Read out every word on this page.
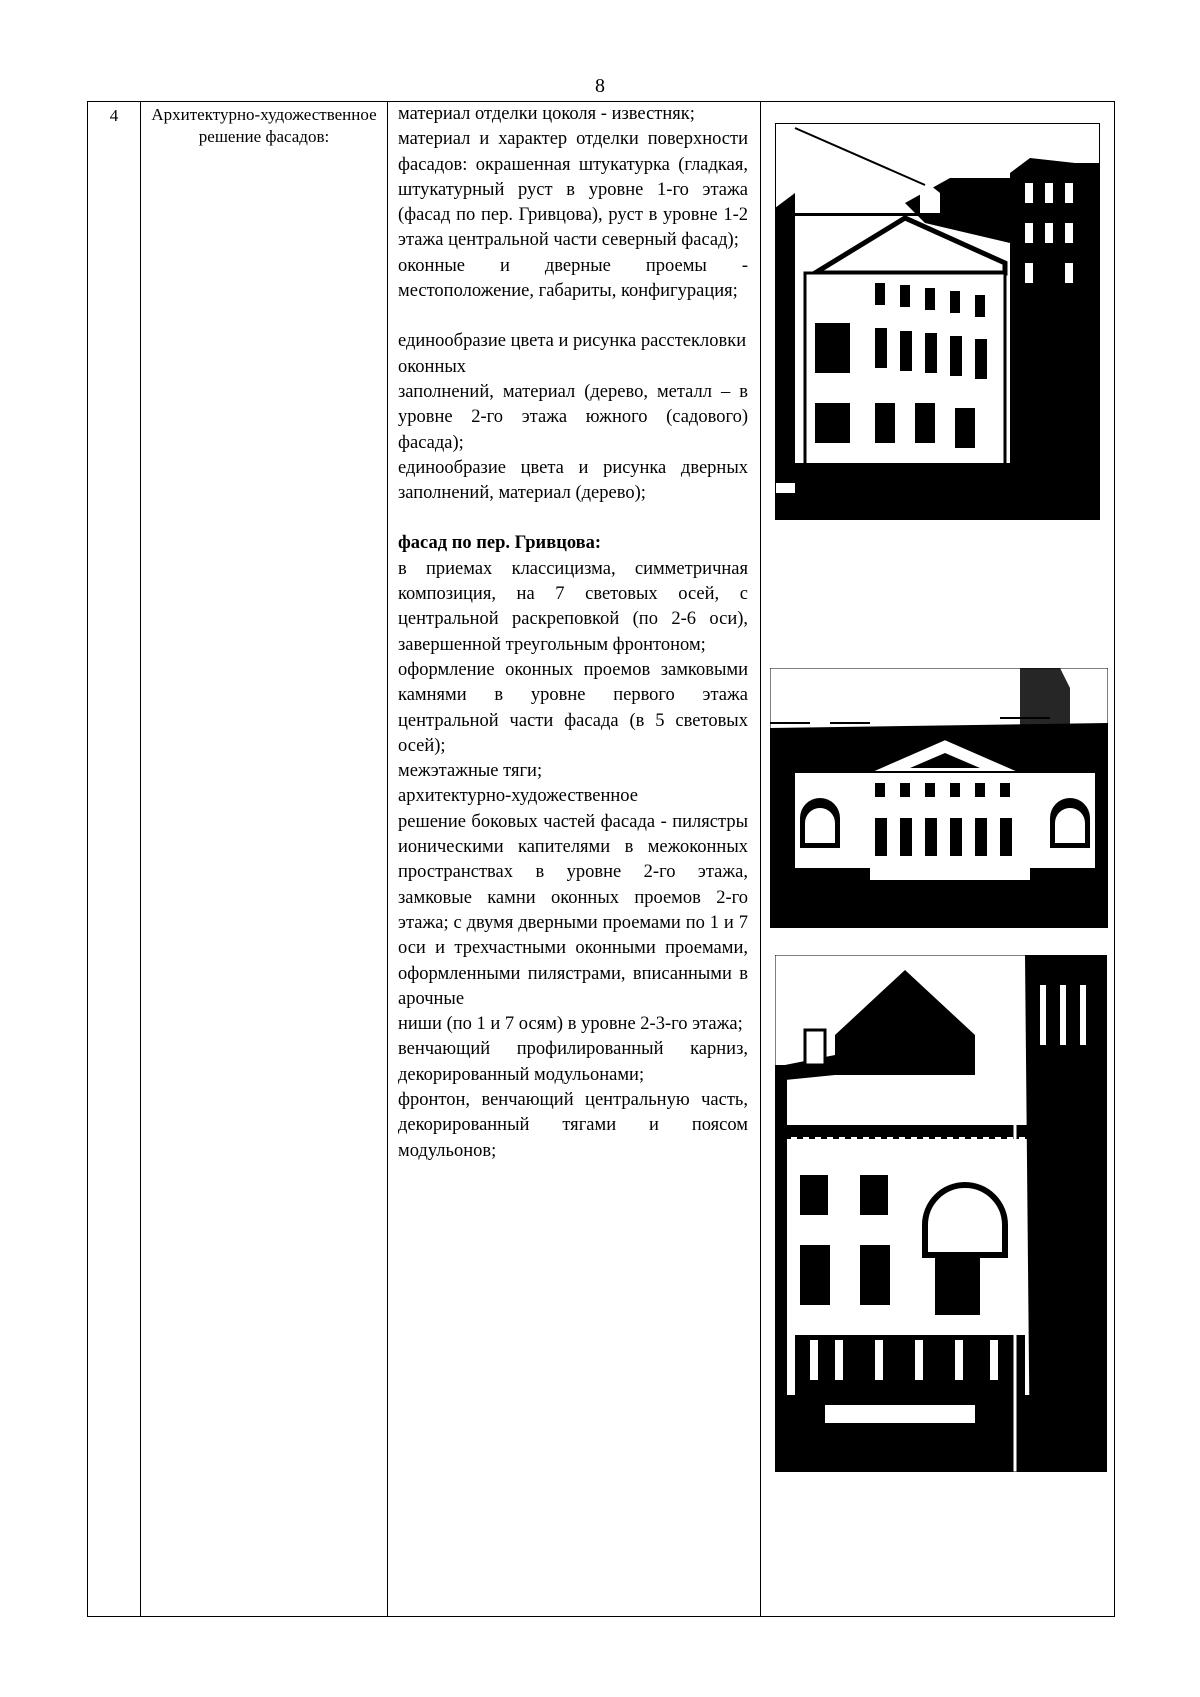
8
4	Архитектурно-художественное решение фасадов:

материал отделки цоколя - известняк;

материал и характер отделки поверхности фасадов: окрашенная штукатурка (гладкая, штукатурный руст в уровне 1-го этажа (фасад по пер. Гривцова), руст в уровне 1-2 этажа центральной части северный фасад);

оконные и дверные проемы - местоположение, габариты, конфигурация;

единообразие цвета и рисунка расстекловки оконных

заполнений, материал (дерево, металл – в уровне 2-го этажа южного (садового) фасада);

единообразие цвета и рисунка дверных заполнений, материал (дерево);

фасад по пер. Гривцова:

в приемах классицизма, симметричная композиция, на 7 световых осей, с центральной раскреповкой (по 2-6 оси), завершенной треугольным фронтоном;

оформление оконных проемов замковыми камнями в уровне первого этажа центральной части фасада (в 5 световых осей);

межэтажные тяги;

архитектурно-художественное

решение боковых частей фасада - пилястры ионическими капителями в межоконных пространствах в уровне 2-го этажа, замковые камни оконных проемов 2-го этажа; с двумя дверными проемами по 1 и 7 оси и трехчастными оконными проемами, оформленными пилястрами, вписанными в арочные

ниши (по 1 и 7 осям) в уровне 2-3-го этажа;

венчающий профилированный карниз, декорированный модульонами;

фронтон, венчающий центральную часть, декорированный тягами и поясом модульонов;
